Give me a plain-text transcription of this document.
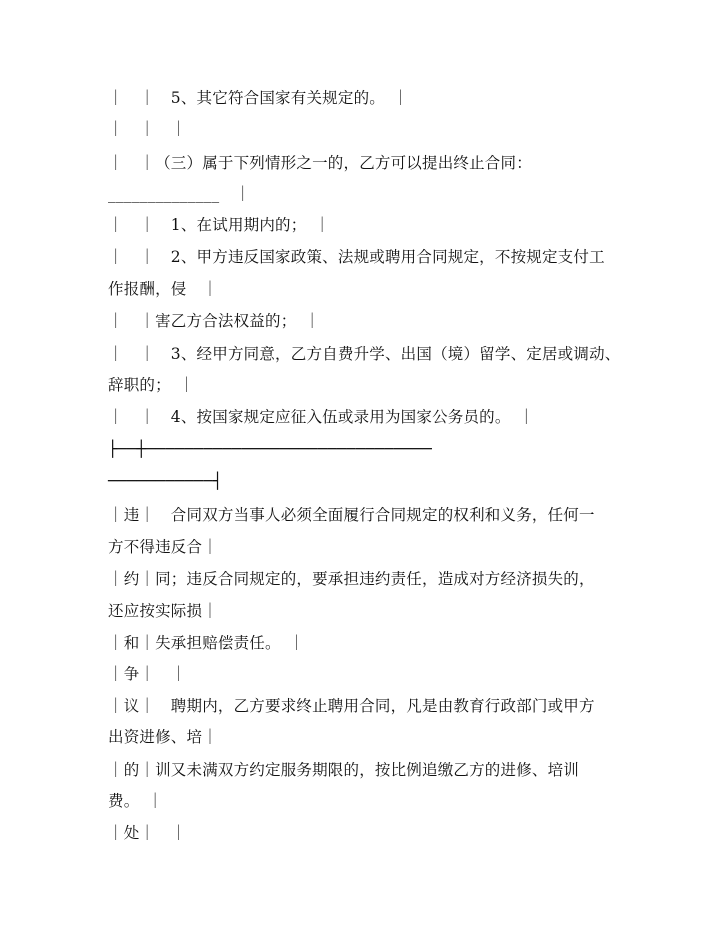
｜　｜　5、其它符合国家有关规定的。　｜
｜　｜　｜
｜　｜（三）属于下列情形之一的，乙方可以提出终止合同：
______________　｜
｜　｜　1、在试用期内的；　｜
｜　｜　2、甲方违反国家政策、法规或聘用合同规定，不按规定支付工
作报酬，侵　｜
｜　｜害乙方合法权益的；　｜
｜　｜　3、经甲方同意，乙方自费升学、出国（境）留学、定居或调动、
辞职的；　｜
｜　｜　4、按国家规定应征入伍或录用为国家公务员的。　｜
├──┼──────────────────────────────
───────────┤
｜违｜　合同双方当事人必须全面履行合同规定的权利和义务，任何一
方不得违反合｜
｜约｜同；违反合同规定的，要承担违约责任，造成对方经济损失的，
还应按实际损｜
｜和｜失承担赔偿责任。　｜
｜争｜　｜
｜议｜　聘期内，乙方要求终止聘用合同，凡是由教育行政部门或甲方
出资进修、培｜
｜的｜训又未满双方约定服务期限的，按比例追缴乙方的进修、培训
费。　｜
｜处｜　｜
